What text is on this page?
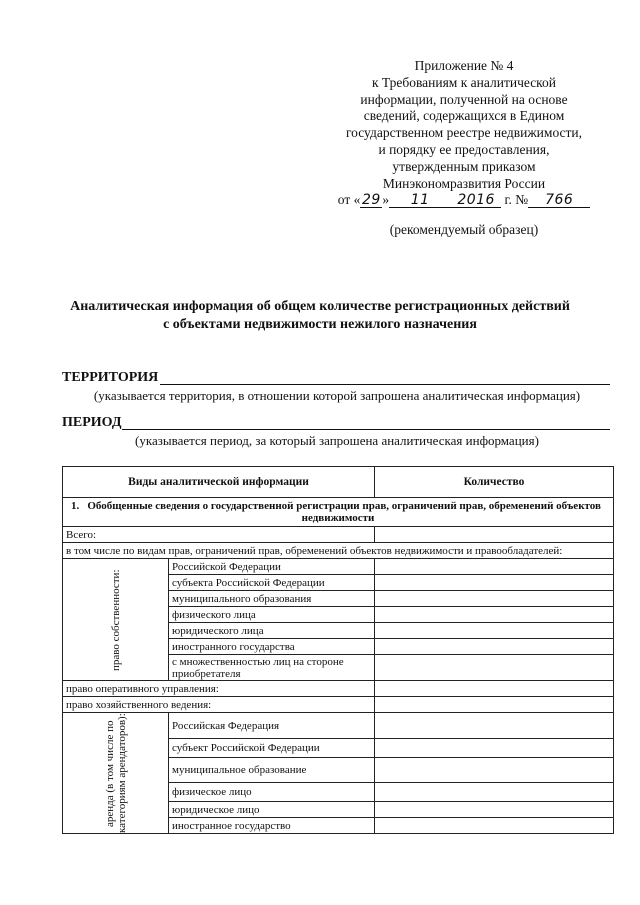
Приложение № 4
к Требованиям к аналитической
информации, полученной на основе
сведений, содержащихся в Едином
государственном реестре недвижимости,
и порядку ее предоставления,
утвержденным приказом
Минэкономразвития России
от « 29 » 11 2016 г. № 766
(рекомендуемый образец)
Аналитическая информация об общем количестве регистрационных действий
с объектами недвижимости нежилого назначения
ТЕРРИТОРИЯ
(указывается территория, в отношении которой запрошена аналитическая информация)
ПЕРИОД
(указывается период, за который запрошена аналитическая информация)
Виды аналитической информации		Количество

1. Обобщенные сведения о государственной регистрации прав, ограничений прав, обременений объектов недвижимости		
Всего:		
в том числе по видам прав, ограничений прав, обременений объектов недвижимости и правообладателей:		
право собственности:	Российской Федерации	
	субъекта Российской Федерации	
	муниципального образования	
	физического лица	
	юридического лица	
	иностранного государства	
	с множественностью лиц на стороне приобретателя	
право оперативного управления:		
право хозяйственного ведения:		
аренда (в том числе по категориям арендаторов):	Российская Федерация	
	субъект Российской Федерации	
	муниципальное образование	
	физическое лицо	
	юридическое лицо	
	иностранное государство	
